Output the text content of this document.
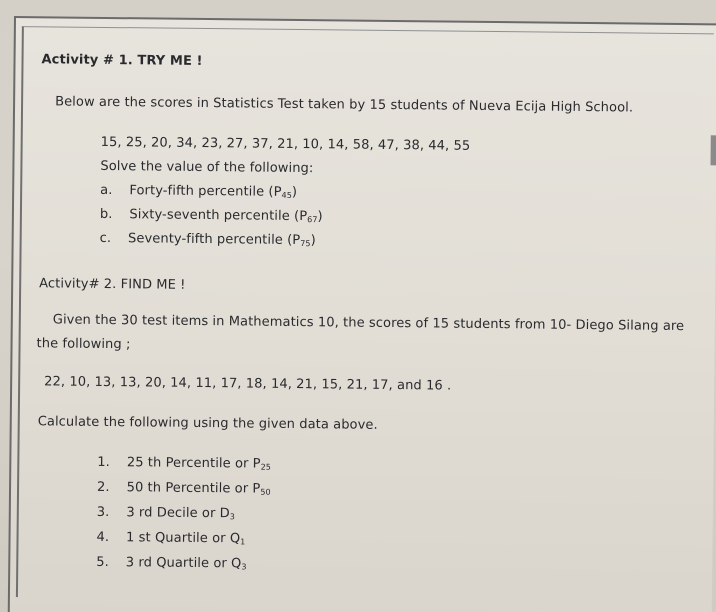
Activity # 1. TRY ME !
Below are the scores in Statistics Test taken by 15 students of Nueva Ecija High School.
15, 25, 20, 34, 23, 27, 37, 21, 10, 14, 58, 47, 38, 44, 55
Solve the value of the following:
a. Forty-fifth percentile $(P_{45})$
b. Sixty-seventh percentile $(P_{67})$
c. Seventy-fifth percentile $(P_{75})$
Activity# 2. FIND ME !
Given the 30 test items in Mathematics 10, the scores of 15 students from 10- Diego Silang are
the following ;
22, 10, 13, 13, 20, 14, 11, 17, 18, 14, 21, 15, 21, 17, and 16 .
Calculate the following using the given data above.
1. 25 th Percentile or $P_{25}$
2. 50 th Percentile or $P_{50}$
3. 3 rd Decile or $D_3$
4. 1 st Quartile or $Q_1$
5. 3 rd Quartile or $Q_3$
